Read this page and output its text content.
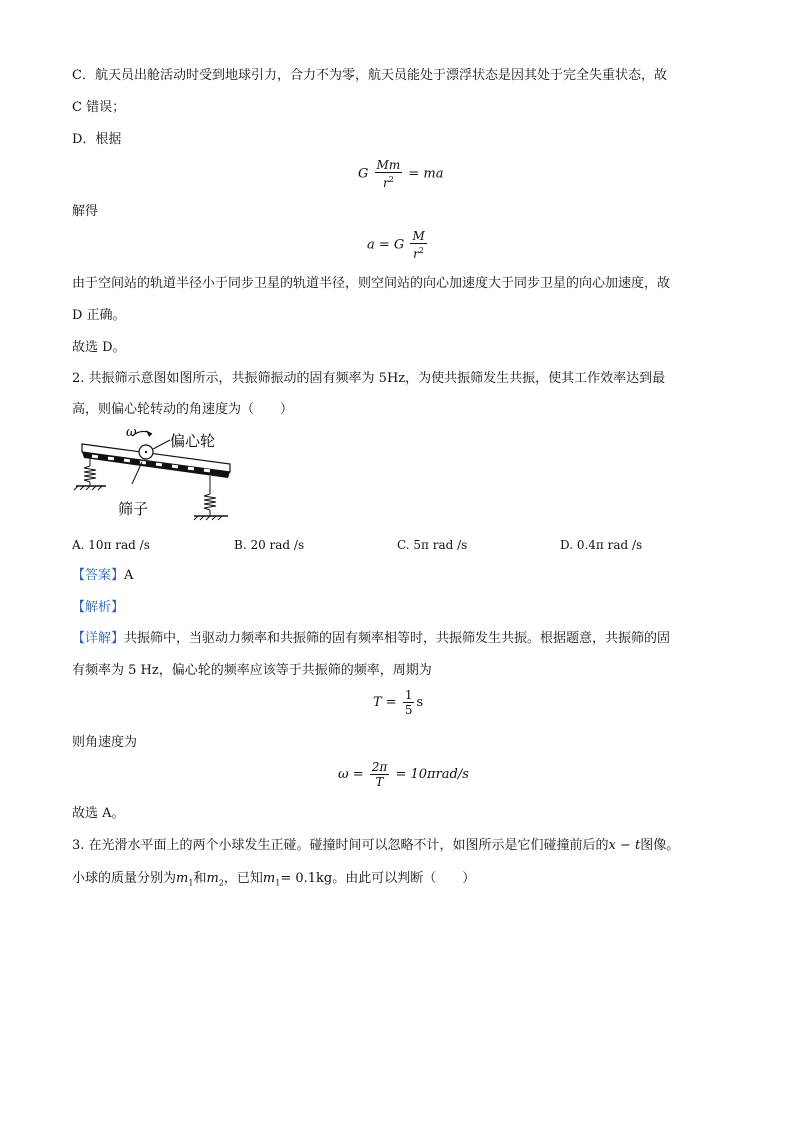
C．航天员出舱活动时受到地球引力，合力不为零，航天员能处于漂浮状态是因其处于完全失重状态，故
C 错误；
D．根据
G $\frac{Mm}{r^2}$ = ma
解得
a = G $\frac{M}{r^2}$
由于空间站的轨道半径小于同步卫星的轨道半径，则空间站的向心加速度大于同步卫星的向心加速度，故
D 正确。
故选 D。
2. 共振筛示意图如图所示，共振筛振动的固有频率为 5Hz，为使共振筛发生共振，使其工作效率达到最
高，则偏心轮转动的角速度为（　　）
ω 偏心轮
筛子
A. 10π rad /s	B. 20 rad /s	C. 5π rad /s	D. 0.4π rad /s
【答案】A
【解析】
【详解】共振筛中，当驱动力频率和共振筛的固有频率相等时，共振筛发生共振。根据题意，共振筛的固
有频率为 5 Hz，偏心轮的频率应该等于共振筛的频率，周期为
$T = \frac{1}{5}$ s
则角速度为
$\omega = \frac{2\pi}{T} = 10\pi rad/s$
故选 A。
3. 在光滑水平面上的两个小球发生正碰。碰撞时间可以忽略不计，如图所示是它们碰撞前后的x − t图像。
小球的质量分别为$m_1$和$m_2$，已知$m_1= 0.1kg$。由此可以判断（　　）
